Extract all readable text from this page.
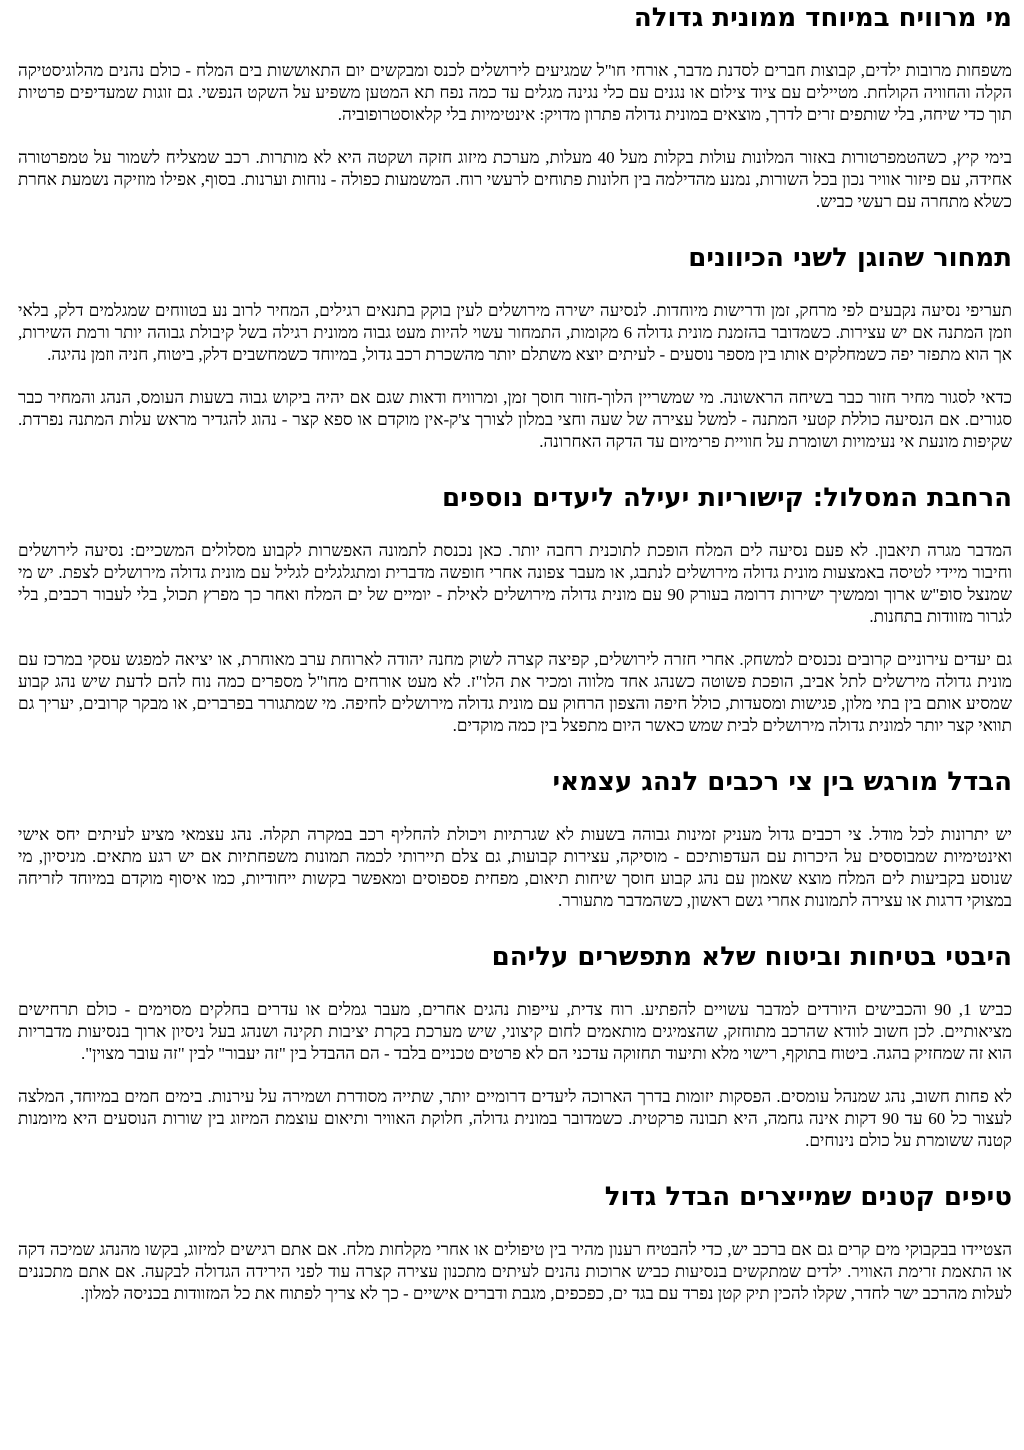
מי מרוויח במיוחד ממונית גדולה

משפחות מרובות ילדים, קבוצות חברים לסדנת מדבר, אורחי חו"ל שמגיעים לירושלים לכנס ומבקשים יום התאוששות בים המלח - כולם נהנים מהלוגיסטיקה הקלה והחוויה הקולחת. מטיילים עם ציוד צילום או נגנים עם כלי נגינה מגלים עד כמה נפח תא המטען משפיע על השקט הנפשי. גם זוגות שמעדיפים פרטיות תוך כדי שיחה, בלי שותפים זרים לדרך, מוצאים במונית גדולה פתרון מדויק: אינטימיות בלי קלאוסטרופוביה.

בימי קיץ, כשהטמפרטורות באזור המלונות עולות בקלות מעל 40 מעלות, מערכת מיזוג חזקה ושקטה היא לא מותרות. רכב שמצליח לשמור על טמפרטורה אחידה, עם פיזור אוויר נכון בכל השורות, נמנע מהדילמה בין חלונות פתוחים לרעשי רוח. המשמעות כפולה - נוחות וערנות. בסוף, אפילו מוזיקה נשמעת אחרת כשלא מתחרה עם רעשי כביש.

תמחור שהוגן לשני הכיוונים

תעריפי נסיעה נקבעים לפי מרחק, זמן ודרישות מיוחדות. לנסיעה ישירה מירושלים לעין בוקק בתנאים רגילים, המחיר לרוב נע בטווחים שמגלמים דלק, בלאי וזמן המתנה אם יש עצירות. כשמדובר בהזמנת מונית גדולה 6 מקומות, התמחור עשוי להיות מעט גבוה ממונית רגילה בשל קיבולת גבוהה יותר ורמת השירות, אך הוא מתפזר יפה כשמחלקים אותו בין מספר נוסעים - לעיתים יוצא משתלם יותר מהשכרת רכב גדול, במיוחד כשמחשבים דלק, ביטוח, חניה וזמן נהיגה.

כדאי לסגור מחיר חזור כבר בשיחה הראשונה. מי שמשריין הלוך-חזור חוסך זמן, ומרוויח ודאות שגם אם יהיה ביקוש גבוה בשעות העומס, הנהג והמחיר כבר סגורים. אם הנסיעה כוללת קטעי המתנה - למשל עצירה של שעה וחצי במלון לצורך צ'ק-אין מוקדם או ספא קצר - נהוג להגדיר מראש עלות המתנה נפרדת. שקיפות מונעת אי נעימויות ושומרת על חוויית פרימיום עד הדקה האחרונה.

הרחבת המסלול: קישוריות יעילה ליעדים נוספים

המדבר מגרה תיאבון. לא פעם נסיעה לים המלח הופכת לתוכנית רחבה יותר. כאן נכנסת לתמונה האפשרות לקבוע מסלולים המשכיים: נסיעה לירושלים וחיבור מיידי לטיסה באמצעות מונית גדולה מירושלים לנתבג, או מעבר צפונה אחרי חופשה מדברית ומתגלגלים לגליל עם מונית גדולה מירושלים לצפת. יש מי שמנצל סופ"ש ארוך וממשיך ישירות דרומה בעורק 90 עם מונית גדולה מירושלים לאילת - יומיים של ים המלח ואחר כך מפרץ תכול, בלי לעבור רכבים, בלי לגרור מזוודות בתחנות.

גם יעדים עירוניים קרובים נכנסים למשחק. אחרי חזרה לירושלים, קפיצה קצרה לשוק מחנה יהודה לארוחת ערב מאוחרת, או יציאה למפגש עסקי במרכז עם מונית גדולה מירשלים לתל אביב, הופכת פשוטה כשנהג אחד מלווה ומכיר את הלו"ז. לא מעט אורחים מחו"ל מספרים כמה נוח להם לדעת שיש נהג קבוע שמסיע אותם בין בתי מלון, פגישות ומסעדות, כולל חיפה והצפון הרחוק עם מונית גדולה מירושלים לחיפה. מי שמתגורר בפרברים, או מבקר קרובים, יעריך גם תוואי קצר יותר למונית גדולה מירושלים לבית שמש כאשר היום מתפצל בין כמה מוקדים.

הבדל מורגש בין צי רכבים לנהג עצמאי

יש יתרונות לכל מודל. צי רכבים גדול מעניק זמינות גבוהה בשעות לא שגרתיות ויכולת להחליף רכב במקרה תקלה. נהג עצמאי מציע לעיתים יחס אישי ואינטימיות שמבוססים על היכרות עם העדפותיכם - מוסיקה, עצירות קבועות, גם צלם תיירותי לכמה תמונות משפחתיות אם יש רגע מתאים. מניסיון, מי שנוסע בקביעות לים המלח מוצא שאמון עם נהג קבוע חוסך שיחות תיאום, מפחית פספוסים ומאפשר בקשות ייחודיות, כמו איסוף מוקדם במיוחד לזריחה במצוקי דרגות או עצירה לתמונות אחרי גשם ראשון, כשהמדבר מתעורר.

היבטי בטיחות וביטוח שלא מתפשרים עליהם

כביש 1, 90 והכבישים היורדים למדבר עשויים להפתיע. רוח צדית, עייפות נהגים אחרים, מעבר גמלים או עדרים בחלקים מסוימים - כולם תרחישים מציאותיים. לכן חשוב לוודא שהרכב מתוחזק, שהצמיגים מותאמים לחום קיצוני, שיש מערכת בקרת יציבות תקינה ושנהג בעל ניסיון ארוך בנסיעות מדבריות הוא זה שמחזיק בהגה. ביטוח בתוקף, רישוי מלא ותיעוד תחזוקה עדכני הם לא פרטים טכניים בלבד - הם ההבדל בין "זה יעבור" לבין "זה עובר מצוין".

לא פחות חשוב, נהג שמנהל עומסים. הפסקות יזומות בדרך הארוכה ליעדים דרומיים יותר, שתייה מסודרת ושמירה על עירנות. בימים חמים במיוחד, המלצה לעצור כל 60 עד 90 דקות אינה גחמה, היא תבונה פרקטית. כשמדובר במונית גדולה, חלוקת האוויר ותיאום עוצמת המיזוג בין שורות הנוסעים היא מיומנות קטנה ששומרת על כולם נינוחים.

טיפים קטנים שמייצרים הבדל גדול

הצטיידו בבקבוקי מים קרים גם אם ברכב יש, כדי להבטיח רענון מהיר בין טיפולים או אחרי מקלחות מלח. אם אתם רגישים למיזוג, בקשו מהנהג שמיכה דקה או התאמת זרימת האוויר. ילדים שמתקשים בנסיעות כביש ארוכות נהנים לעיתים מתכנון עצירה קצרה עוד לפני הירידה הגדולה לבקעה. אם אתם מתכננים לעלות מהרכב ישר לחדר, שקלו להכין תיק קטן נפרד עם בגד ים, כפכפים, מגבת ודברים אישיים - כך לא צריך לפתוח את כל המזוודות בכניסה למלון.
